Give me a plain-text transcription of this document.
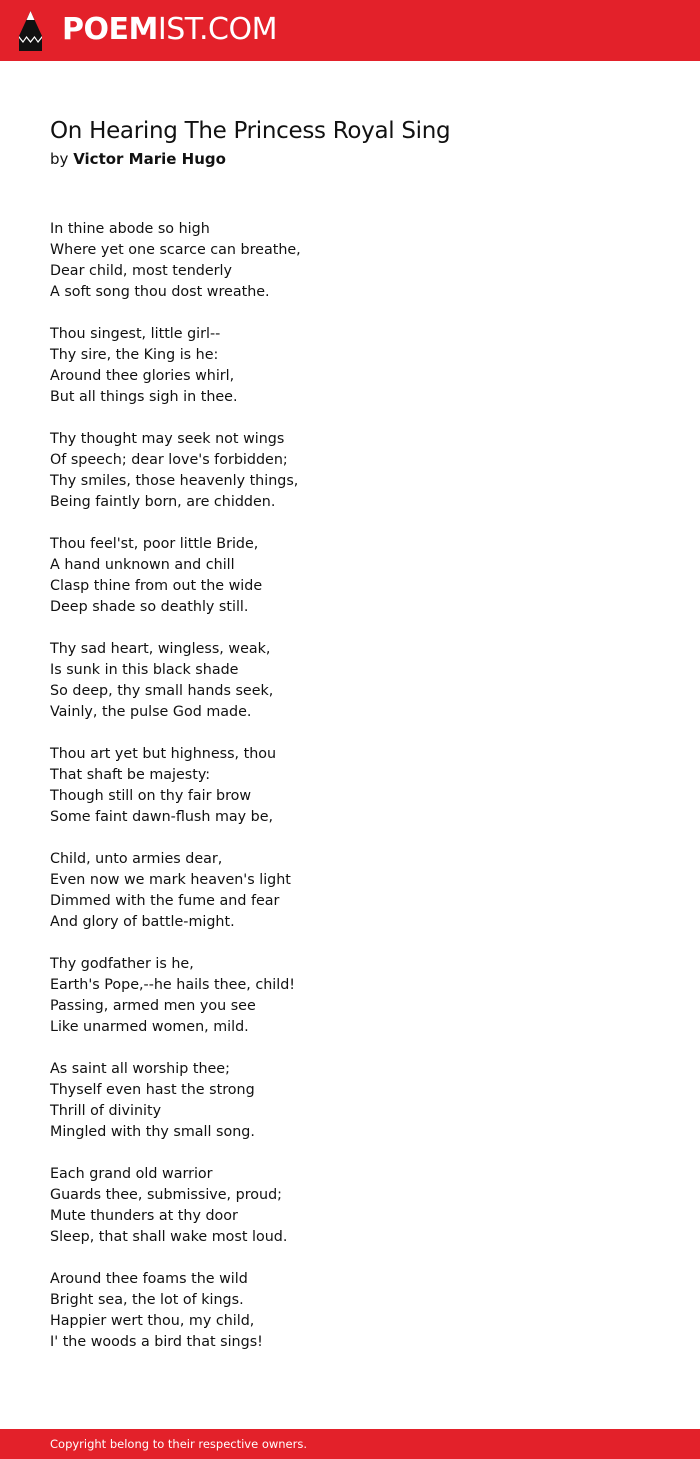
POEMIST.COM
On Hearing The Princess Royal Sing
by Victor Marie Hugo
In thine abode so high
Where yet one scarce can breathe,
Dear child, most tenderly
A soft song thou dost wreathe.
Thou singest, little girl--
Thy sire, the King is he:
Around thee glories whirl,
But all things sigh in thee.
Thy thought may seek not wings
Of speech; dear love's forbidden;
Thy smiles, those heavenly things,
Being faintly born, are chidden.
Thou feel'st, poor little Bride,
A hand unknown and chill
Clasp thine from out the wide
Deep shade so deathly still.
Thy sad heart, wingless, weak,
Is sunk in this black shade
So deep, thy small hands seek,
Vainly, the pulse God made.
Thou art yet but highness, thou
That shaft be majesty:
Though still on thy fair brow
Some faint dawn-flush may be,
Child, unto armies dear,
Even now we mark heaven's light
Dimmed with the fume and fear
And glory of battle-might.
Thy godfather is he,
Earth's Pope,--he hails thee, child!
Passing, armed men you see
Like unarmed women, mild.
As saint all worship thee;
Thyself even hast the strong
Thrill of divinity
Mingled with thy small song.
Each grand old warrior
Guards thee, submissive, proud;
Mute thunders at thy door
Sleep, that shall wake most loud.
Around thee foams the wild
Bright sea, the lot of kings.
Happier wert thou, my child,
I' the woods a bird that sings!
Copyright belong to their respective owners.
